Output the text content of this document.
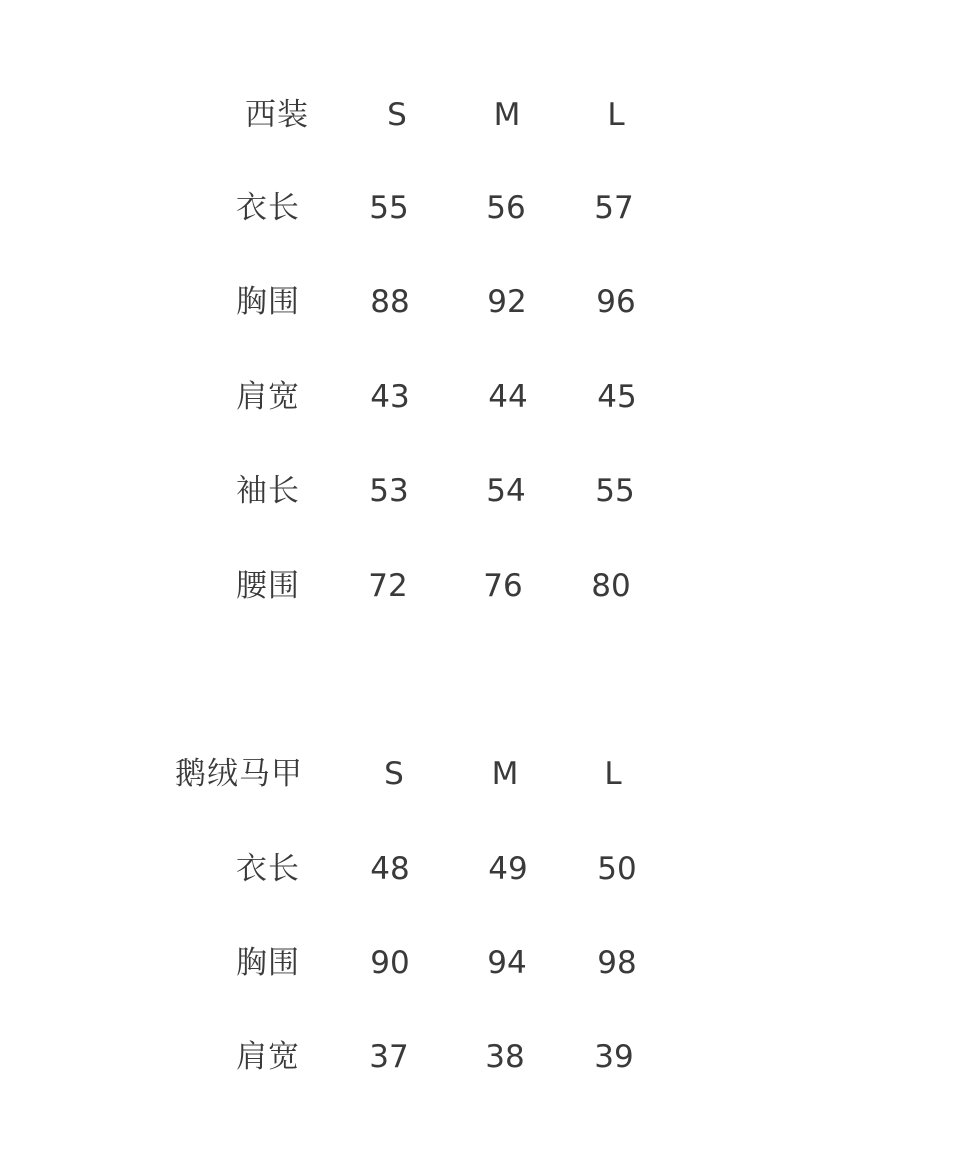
西装	S	M	L
衣长 55	56 57
胸围 88	92 96
肩宽 43	44 45
袖长 53	54 55
腰围 72 76 80
鹅绒马甲	S	M	L
衣长 48	49 50
胸围 90	94 98
肩宽 37 38 39
